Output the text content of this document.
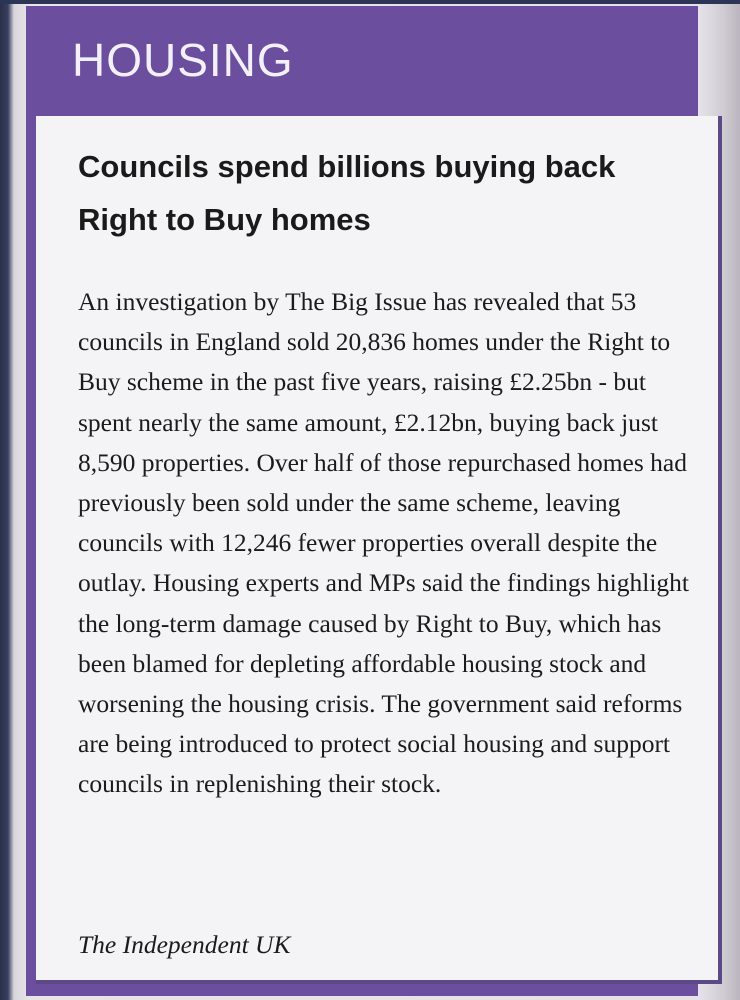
HOUSING
Councils spend billions buying back Right to Buy homes

An investigation by The Big Issue has revealed that 53 councils in England sold 20,836 homes under the Right to Buy scheme in the past five years, raising £2.25bn - but spent nearly the same amount, £2.12bn, buying back just 8,590 properties. Over half of those repurchased homes had previously been sold under the same scheme, leaving councils with 12,246 fewer properties overall despite the outlay. Housing experts and MPs said the findings highlight the long-term damage caused by Right to Buy, which has been blamed for depleting affordable housing stock and worsening the housing crisis. The government said reforms are being introduced to protect social housing and support councils in replenishing their stock.

The Independent UK
